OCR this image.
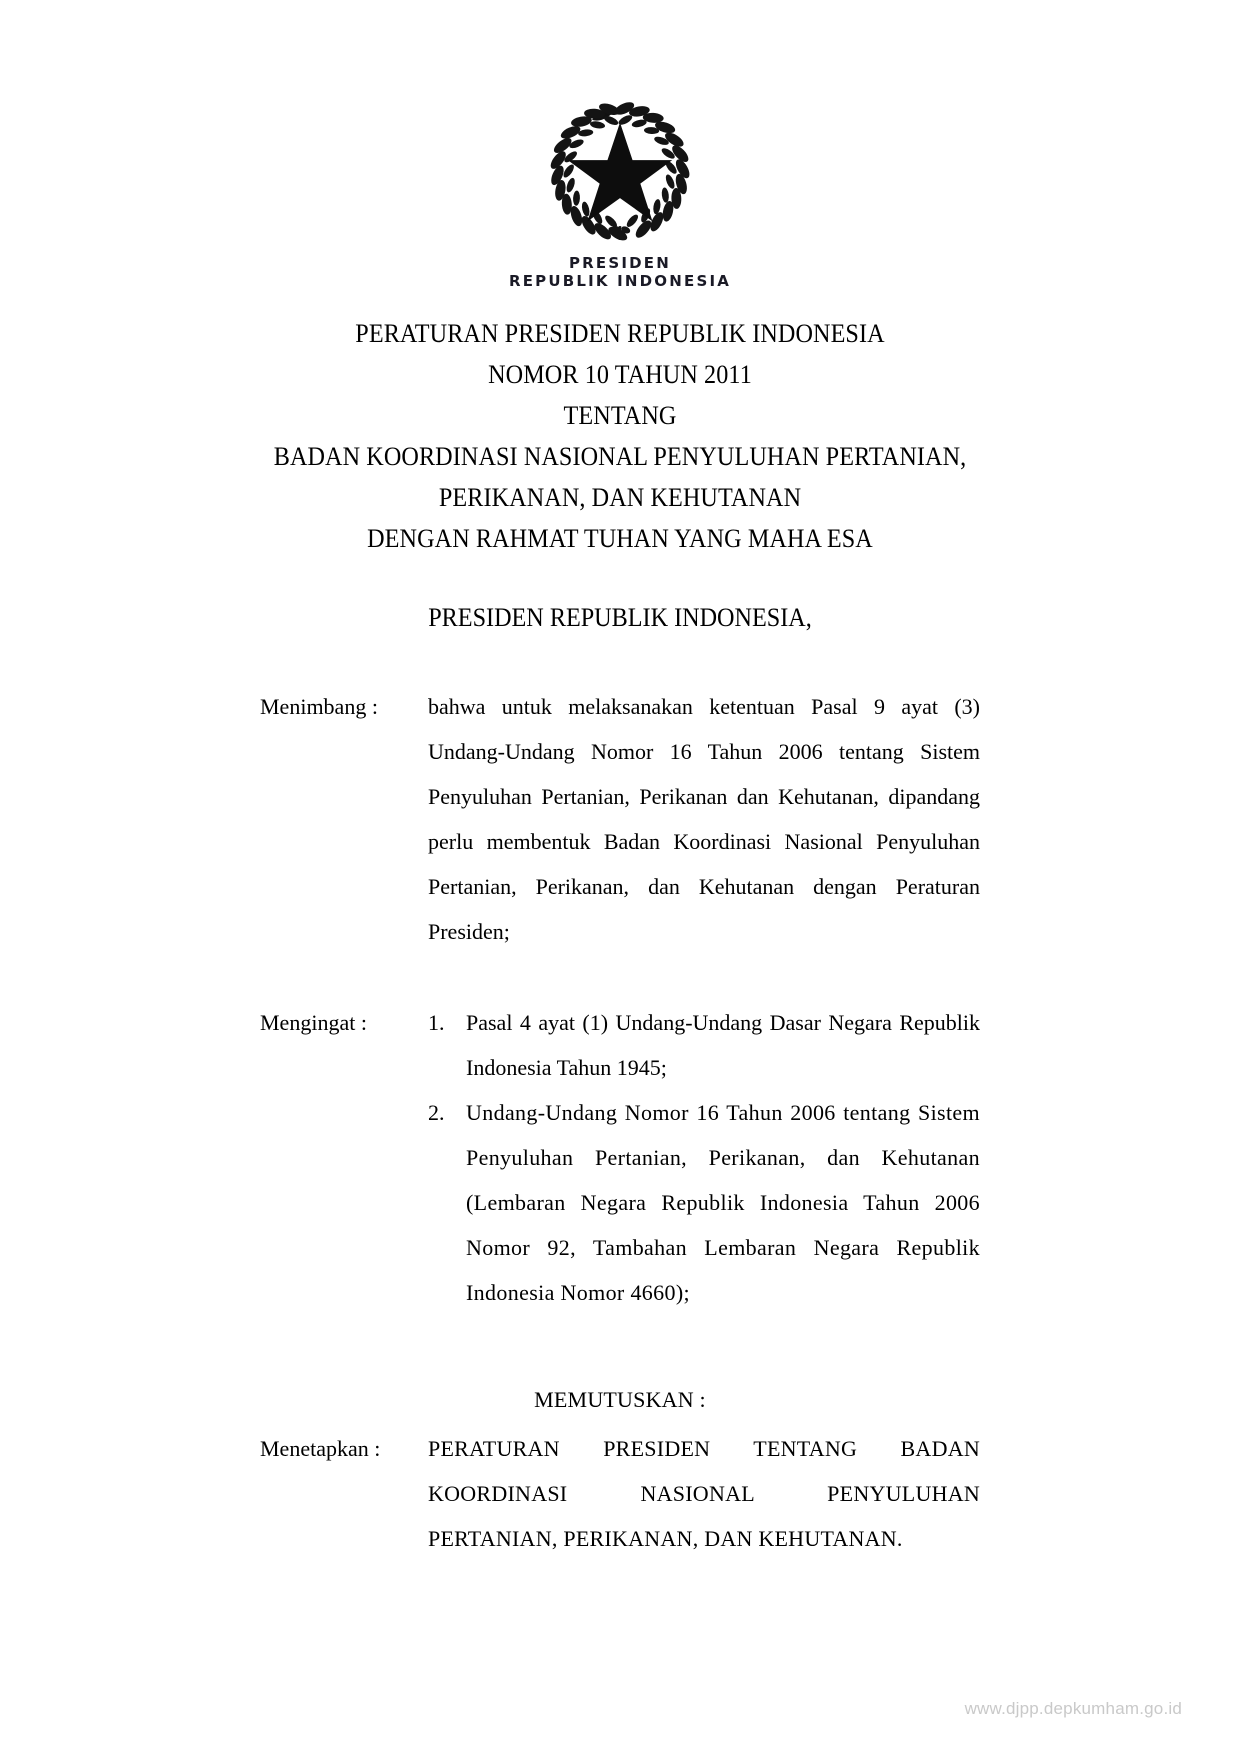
PRESIDEN
REPUBLIK INDONESIA
PERATURAN PRESIDEN REPUBLIK INDONESIA
NOMOR 10 TAHUN 2011
TENTANG
BADAN KOORDINASI NASIONAL PENYULUHAN PERTANIAN,
PERIKANAN, DAN KEHUTANAN
DENGAN RAHMAT TUHAN YANG MAHA ESA
PRESIDEN REPUBLIK INDONESIA,
Menimbang :	bahwa untuk melaksanakan ketentuan Pasal 9 ayat (3) Undang-Undang Nomor 16 Tahun 2006 tentang Sistem Penyuluhan Pertanian, Perikanan dan Kehutanan, dipandang perlu membentuk Badan Koordinasi Nasional Penyuluhan Pertanian, Perikanan, dan Kehutanan dengan Peraturan Presiden;

Mengingat :	1. Pasal 4 ayat (1) Undang-Undang Dasar Negara Republik Indonesia Tahun 1945;
2. Undang-Undang Nomor 16 Tahun 2006 tentang Sistem Penyuluhan Pertanian, Perikanan, dan Kehutanan (Lembaran Negara Republik Indonesia Tahun 2006 Nomor 92, Tambahan Lembaran Negara Republik Indonesia Nomor 4660);
MEMUTUSKAN :
Menetapkan :	PERATURAN PRESIDEN TENTANG BADAN KOORDINASI NASIONAL PENYULUHAN PERTANIAN, PERIKANAN, DAN KEHUTANAN.

www.djpp.depkumham.go.id
